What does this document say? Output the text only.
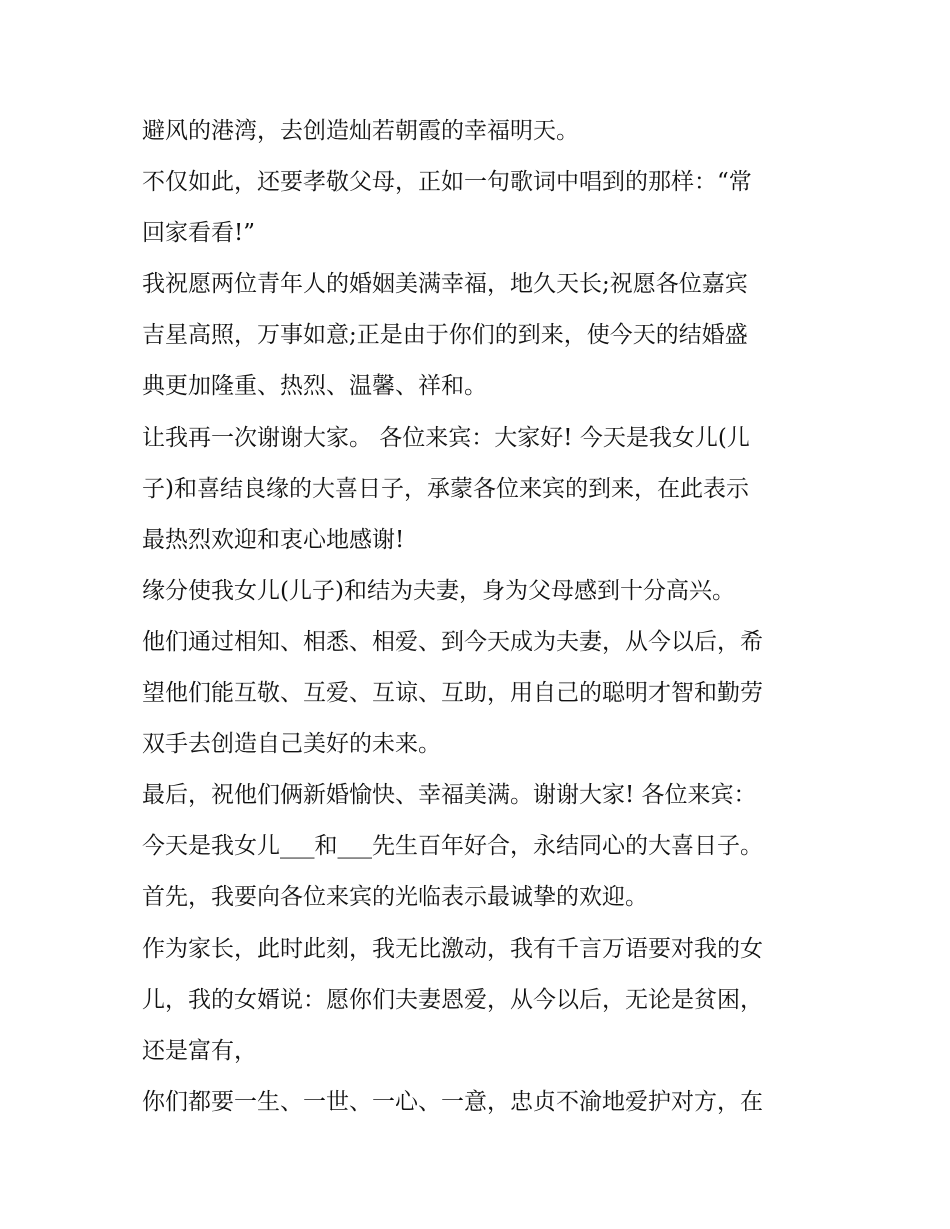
避风的港湾，去创造灿若朝霞的幸福明天。
不仅如此，还要孝敬父母，正如一句歌词中唱到的那样：“常
回家看看!”
我祝愿两位青年人的婚姻美满幸福，地久天长;祝愿各位嘉宾
吉星高照，万事如意;正是由于你们的到来，使今天的结婚盛
典更加隆重、热烈、温馨、祥和。
让我再一次谢谢大家。 各位来宾：大家好! 今天是我女儿(儿
子)和喜结良缘的大喜日子，承蒙各位来宾的到来，在此表示
最热烈欢迎和衷心地感谢!
缘分使我女儿(儿子)和结为夫妻，身为父母感到十分高兴。
他们通过相知、相悉、相爱、到今天成为夫妻，从今以后，希
望他们能互敬、互爱、互谅、互助，用自己的聪明才智和勤劳
双手去创造自己美好的未来。
最后，祝他们俩新婚愉快、幸福美满。谢谢大家! 各位来宾：
今天是我女儿___和___先生百年好合，永结同心的大喜日子。
首先，我要向各位来宾的光临表示最诚挚的欢迎。
作为家长，此时此刻，我无比激动，我有千言万语要对我的女
儿，我的女婿说：愿你们夫妻恩爱，从今以后，无论是贫困，
还是富有，
你们都要一生、一世、一心、一意，忠贞不渝地爱护对方，在
